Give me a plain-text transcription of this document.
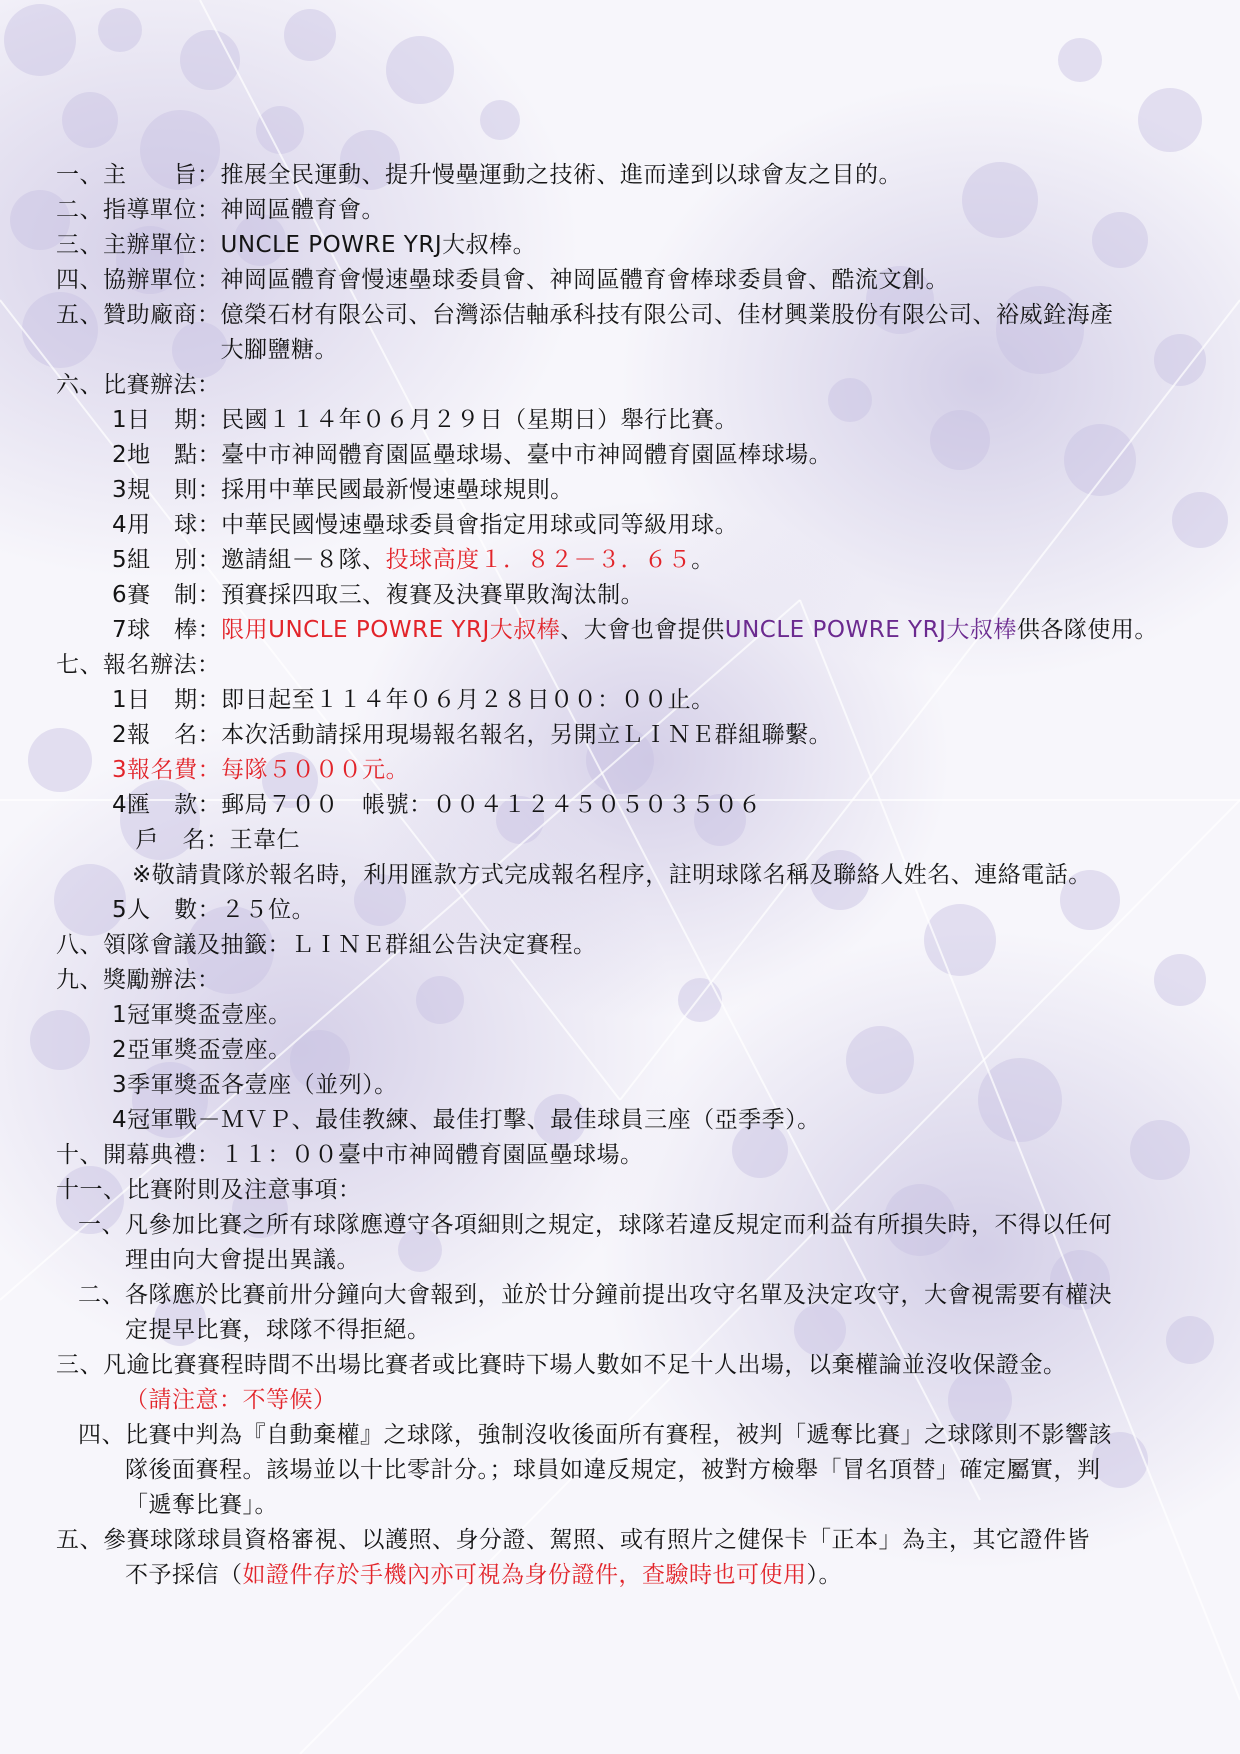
一、主　　旨：推展全民運動、提升慢壘運動之技術、進而達到以球會友之目的。
二、指導單位：神岡區體育會。
三、主辦單位：UNCLE POWRE YRJ大叔棒。
四、協辦單位：神岡區體育會慢速壘球委員會、神岡區體育會棒球委員會、酷流文創。
五、贊助廠商： 億榮石材有限公司、台灣添佶軸承科技有限公司、佳材興業股份有限公司、裕威銓海產
大腳鹽糖。
六、比賽辦法：
1日　期：民國１１４年０６月２９日（星期日）舉行比賽。
2地　點：臺中市神岡體育園區壘球場、臺中市神岡體育園區棒球場。
3規　則：採用中華民國最新慢速壘球規則。
4用　球：中華民國慢速壘球委員會指定用球或同等級用球。
5組　別：邀請組－８隊、投球高度１．８２－３．６５。
6賽　制：預賽採四取三、複賽及決賽單敗淘汰制。
7球　棒：限用UNCLE POWRE YRJ大叔棒、大會也會提供UNCLE POWRE YRJ大叔棒供各隊使用。
七、報名辦法：
1日　期：即日起至１１４年０６月２８日００：００止。
2報　名：本次活動請採用現場報名報名，另開立ＬＩＮＥ群組聯繫。
3報名費：每隊５０００元。
4匯　款：郵局７００　帳號：００４１２４５０５０３５０６
　戶　名：王韋仁
※敬請貴隊於報名時，利用匯款方式完成報名程序，註明球隊名稱及聯絡人姓名、連絡電話。
5人　數：２５位。
八、領隊會議及抽籤：ＬＩＮＥ群組公告決定賽程。
九、獎勵辦法：
1冠軍獎盃壹座。
2亞軍獎盃壹座。
3季軍獎盃各壹座（並列）。
4冠軍戰－ＭＶＰ、最佳教練、最佳打擊、最佳球員三座（亞季季）。
十、開幕典禮：１１：００臺中市神岡體育園區壘球場。
十一、比賽附則及注意事項：
一、 凡參加比賽之所有球隊應遵守各項細則之規定，球隊若違反規定而利益有所損失時，不得以任何
理由向大會提出異議。
二、 各隊應於比賽前卅分鐘向大會報到，並於廿分鐘前提出攻守名單及決定攻守，大會視需要有權決
定提早比賽，球隊不得拒絕。
三、 凡逾比賽賽程時間不出場比賽者或比賽時下場人數如不足十人出場，以棄權論並沒收保證金。
（請注意：不等候）
四、 比賽中判為『自動棄權』之球隊，強制沒收後面所有賽程，被判「遞奪比賽」之球隊則不影響該
隊後面賽程。該場並以十比零計分。；球員如違反規定，被對方檢舉「冒名頂替」確定屬實，判
「遞奪比賽」。
五、 參賽球隊球員資格審視、以護照、身分證、駕照、或有照片之健保卡「正本」為主，其它證件皆
不予採信（如證件存於手機內亦可視為身份證件，查驗時也可使用）。
